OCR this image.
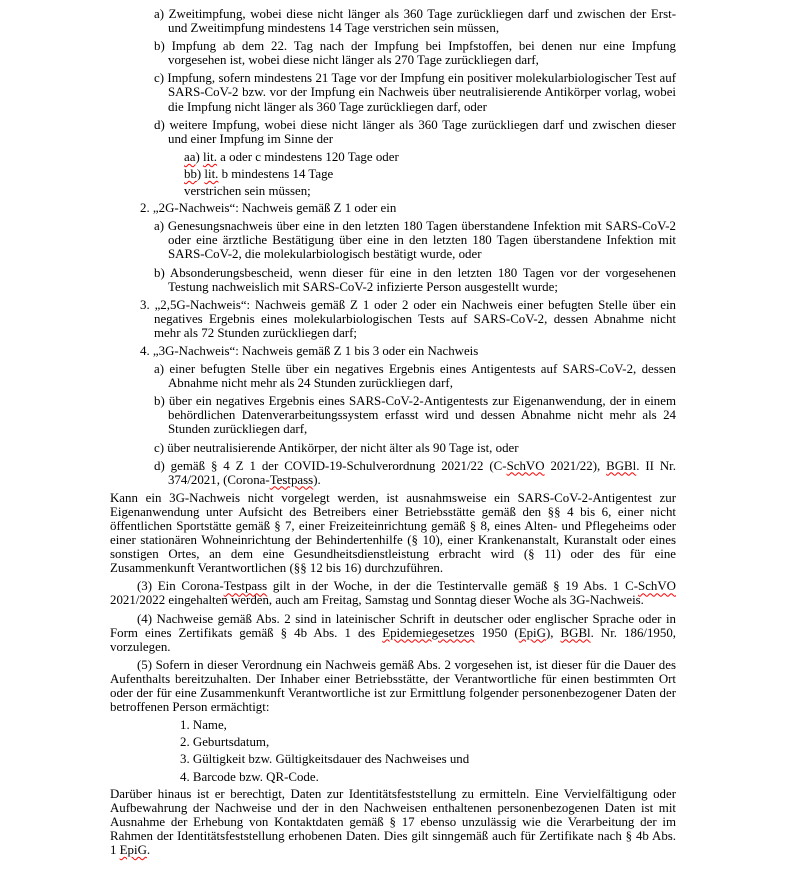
a) Zweitimpfung, wobei diese nicht länger als 360 Tage zurückliegen darf und zwischen der Erst- und Zweitimpfung mindestens 14 Tage verstrichen sein müssen,
b) Impfung ab dem 22. Tag nach der Impfung bei Impfstoffen, bei denen nur eine Impfung vorgesehen ist, wobei diese nicht länger als 270 Tage zurückliegen darf,
c) Impfung, sofern mindestens 21 Tage vor der Impfung ein positiver molekularbiologischer Test auf SARS-CoV-2 bzw. vor der Impfung ein Nachweis über neutralisierende Antikörper vorlag, wobei die Impfung nicht länger als 360 Tage zurückliegen darf, oder
d) weitere Impfung, wobei diese nicht länger als 360 Tage zurückliegen darf und zwischen dieser und einer Impfung im Sinne der
aa) lit. a oder c mindestens 120 Tage oder
bb) lit. b mindestens 14 Tage
verstrichen sein müssen;
2. „2G-Nachweis“: Nachweis gemäß Z 1 oder ein
a) Genesungsnachweis über eine in den letzten 180 Tagen überstandene Infektion mit SARS-CoV-2 oder eine ärztliche Bestätigung über eine in den letzten 180 Tagen überstandene Infektion mit SARS-CoV-2, die molekularbiologisch bestätigt wurde, oder
b) Absonderungsbescheid, wenn dieser für eine in den letzten 180 Tagen vor der vorgesehenen Testung nachweislich mit SARS-CoV-2 infizierte Person ausgestellt wurde;
3. „2,5G-Nachweis“: Nachweis gemäß Z 1 oder 2 oder ein Nachweis einer befugten Stelle über ein negatives Ergebnis eines molekularbiologischen Tests auf SARS-CoV-2, dessen Abnahme nicht mehr als 72 Stunden zurückliegen darf;
4. „3G-Nachweis“: Nachweis gemäß Z 1 bis 3 oder ein Nachweis
a) einer befugten Stelle über ein negatives Ergebnis eines Antigentests auf SARS-CoV-2, dessen Abnahme nicht mehr als 24 Stunden zurückliegen darf,
b) über ein negatives Ergebnis eines SARS-CoV-2-Antigentests zur Eigenanwendung, der in einem behördlichen Datenverarbeitungssystem erfasst wird und dessen Abnahme nicht mehr als 24 Stunden zurückliegen darf,
c) über neutralisierende Antikörper, der nicht älter als 90 Tage ist, oder
d) gemäß § 4 Z 1 der COVID-19-Schulverordnung 2021/22 (C-SchVO 2021/22), BGBl. II Nr. 374/2021, (Corona-Testpass).
Kann ein 3G-Nachweis nicht vorgelegt werden, ist ausnahmsweise ein SARS-CoV-2-Antigentest zur Eigenanwendung unter Aufsicht des Betreibers einer Betriebsstätte gemäß den §§ 4 bis 6, einer nicht öffentlichen Sportstätte gemäß § 7, einer Freizeiteinrichtung gemäß § 8, eines Alten- und Pflegeheims oder einer stationären Wohneinrichtung der Behindertenhilfe (§ 10), einer Krankenanstalt, Kuranstalt oder eines sonstigen Ortes, an dem eine Gesundheitsdienstleistung erbracht wird (§ 11) oder des für eine Zusammenkunft Verantwortlichen (§§ 12 bis 16) durchzuführen.
(3) Ein Corona-Testpass gilt in der Woche, in der die Testintervalle gemäß § 19 Abs. 1 C-SchVO 2021/2022 eingehalten werden, auch am Freitag, Samstag und Sonntag dieser Woche als 3G-Nachweis.
(4) Nachweise gemäß Abs. 2 sind in lateinischer Schrift in deutscher oder englischer Sprache oder in Form eines Zertifikats gemäß § 4b Abs. 1 des Epidemiegesetzes 1950 (EpiG), BGBl. Nr. 186/1950, vorzulegen.
(5) Sofern in dieser Verordnung ein Nachweis gemäß Abs. 2 vorgesehen ist, ist dieser für die Dauer des Aufenthalts bereitzuhalten. Der Inhaber einer Betriebsstätte, der Verantwortliche für einen bestimmten Ort oder der für eine Zusammenkunft Verantwortliche ist zur Ermittlung folgender personenbezogener Daten der betroffenen Person ermächtigt:
1. Name,
2. Geburtsdatum,
3. Gültigkeit bzw. Gültigkeitsdauer des Nachweises und
4. Barcode bzw. QR-Code.
Darüber hinaus ist er berechtigt, Daten zur Identitätsfeststellung zu ermitteln. Eine Vervielfältigung oder Aufbewahrung der Nachweise und der in den Nachweisen enthaltenen personenbezogenen Daten ist mit Ausnahme der Erhebung von Kontaktdaten gemäß § 17 ebenso unzulässig wie die Verarbeitung der im Rahmen der Identitätsfeststellung erhobenen Daten. Dies gilt sinngemäß auch für Zertifikate nach § 4b Abs. 1 EpiG.
